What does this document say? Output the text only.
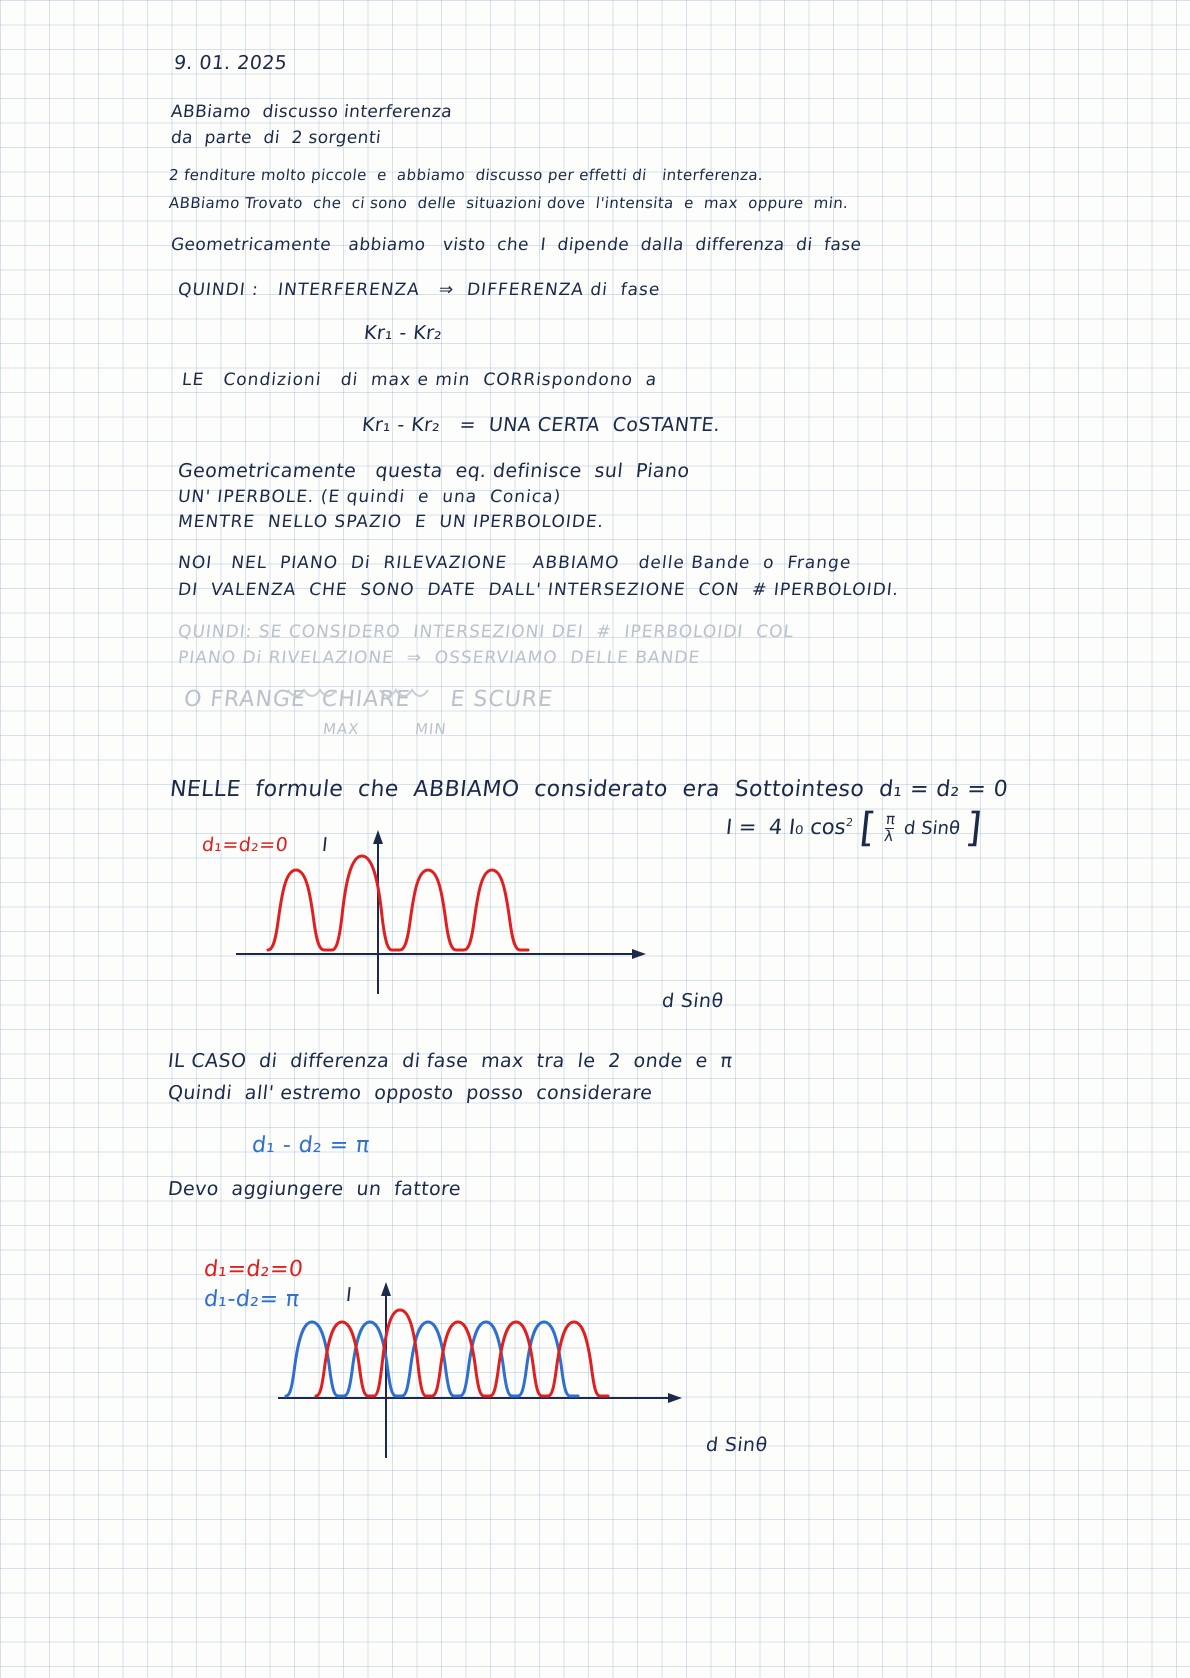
9. 01. 2025

ABBiamo  discusso interferenza

da  parte  di  2 sorgenti

2 fenditure molto piccole  e  abbiamo  discusso per effetti di   interferenza.

ABBiamo Trovato  che  ci sono  delle  situazioni dove  l'intensita  e  max  oppure  min.

Geometricamente   abbiamo   visto  che  I  dipende  dalla  differenza  di  fase

QUINDI :   INTERFERENZA   ⇒  DIFFERENZA di  fase

Kr₁ - Kr₂

LE   Condizioni   di  max e min  CORRispondono  a

Kr₁ - Kr₂   =  UNA CERTA  CoSTANTE.

Geometricamente   questa  eq. definisce  sul  Piano

UN' IPERBOLE. (E quindi  e  una  Conica)

MENTRE  NELLO SPAZIO  E  UN IPERBOLOIDE.

NOI   NEL  PIANO  Di  RILEVAZIONE    ABBIAMO   delle Bande  o  Frange

DI  VALENZA  CHE  SONO  DATE  DALL' INTERSEZIONE  CON  # IPERBOLOIDI.

QUINDI: SE CONSIDERO  INTERSEZIONI DEI  #  IPERBOLOIDI  COL

PIANO Di RIVELAZIONE  ⇒  OSSERVIAMO  DELLE BANDE

O FRANGE  CHIARE     E SCURE

MAX
	MIN

NELLE  formule  che  ABBIAMO  considerato  era  Sottointeso  d₁ = d₂ = 0

I = 4 I₀ cos2 [ $\frac{\pi}{\lambda}$ d Sinθ ]

d₁=d₂=0
	I

d Sinθ

IL CASO  di  differenza  di fase  max  tra  le  2  onde  e  π

Quindi  all' estremo  opposto  posso  considerare

d₁ - d₂ = π

Devo  aggiungere  un  fattore

d₁=d₂=0

d₁-d₂= π
	I

d Sinθ
